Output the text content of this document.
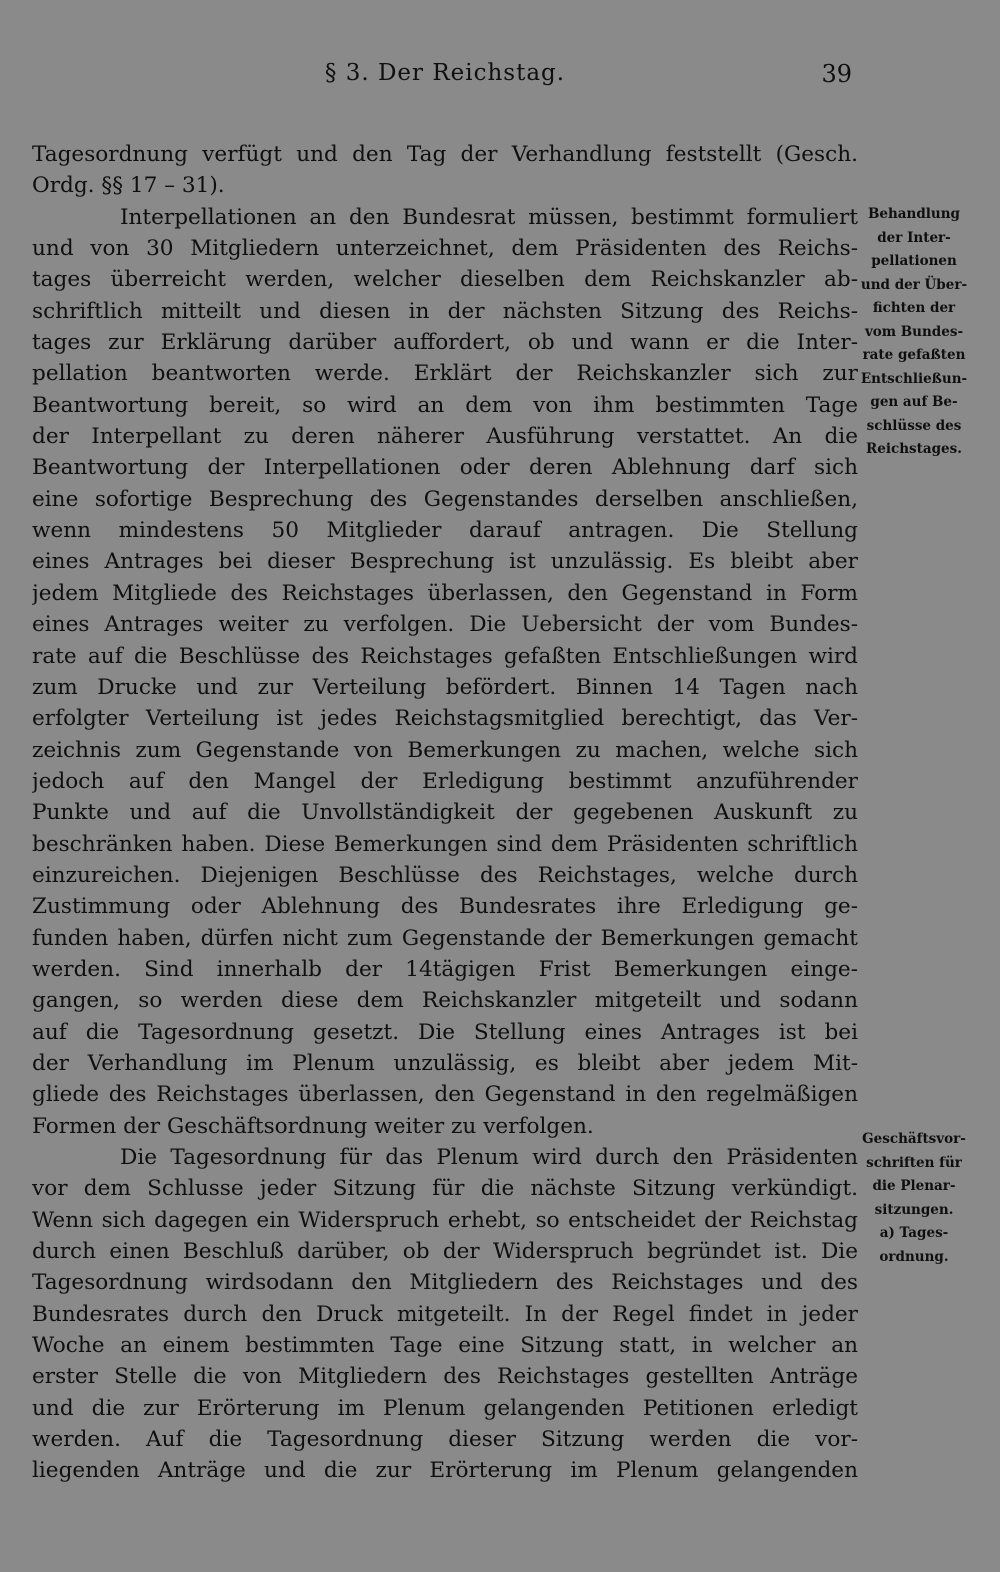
§ 3. Der Reichstag.	39
Tagesordnung verfügt und den Tag der Verhandlung feststellt (Gesch.
Ordg. §§ 17 – 31).
Interpellationen an den Bundesrat müssen, bestimmt formuliert
und von 30 Mitgliedern unterzeichnet, dem Präsidenten des Reichs-
tages überreicht werden, welcher dieselben dem Reichskanzler ab-
schriftlich mitteilt und diesen in der nächsten Sitzung des Reichs-
tages zur Erklärung darüber auffordert, ob und wann er die Inter-
pellation beantworten werde. Erklärt der Reichskanzler sich zur
Beantwortung bereit, so wird an dem von ihm bestimmten Tage
der Interpellant zu deren näherer Ausführung verstattet. An die
Beantwortung der Interpellationen oder deren Ablehnung darf sich
eine sofortige Besprechung des Gegenstandes derselben anschließen,
wenn mindestens 50 Mitglieder darauf antragen. Die Stellung
eines Antrages bei dieser Besprechung ist unzulässig. Es bleibt aber
jedem Mitgliede des Reichstages überlassen, den Gegenstand in Form
eines Antrages weiter zu verfolgen. Die Uebersicht der vom Bundes-
rate auf die Beschlüsse des Reichstages gefaßten Entschließungen wird
zum Drucke und zur Verteilung befördert. Binnen 14 Tagen nach
erfolgter Verteilung ist jedes Reichstagsmitglied berechtigt, das Ver-
zeichnis zum Gegenstande von Bemerkungen zu machen, welche sich
jedoch auf den Mangel der Erledigung bestimmt anzuführender
Punkte und auf die Unvollständigkeit der gegebenen Auskunft zu
beschränken haben. Diese Bemerkungen sind dem Präsidenten schriftlich
einzureichen. Diejenigen Beschlüsse des Reichstages, welche durch
Zustimmung oder Ablehnung des Bundesrates ihre Erledigung ge-
funden haben, dürfen nicht zum Gegenstande der Bemerkungen gemacht
werden. Sind innerhalb der 14tägigen Frist Bemerkungen einge-
gangen, so werden diese dem Reichskanzler mitgeteilt und sodann
auf die Tagesordnung gesetzt. Die Stellung eines Antrages ist bei
der Verhandlung im Plenum unzulässig, es bleibt aber jedem Mit-
gliede des Reichstages überlassen, den Gegenstand in den regelmäßigen
Formen der Geschäftsordnung weiter zu verfolgen.
Die Tagesordnung für das Plenum wird durch den Präsidenten
vor dem Schlusse jeder Sitzung für die nächste Sitzung verkündigt.
Wenn sich dagegen ein Widerspruch erhebt, so entscheidet der Reichstag
durch einen Beschluß darüber, ob der Widerspruch begründet ist. Die
Tagesordnung wirdsodann den Mitgliedern des Reichstages und des
Bundesrates durch den Druck mitgeteilt. In der Regel findet in jeder
Woche an einem bestimmten Tage eine Sitzung statt, in welcher an
erster Stelle die von Mitgliedern des Reichstages gestellten Anträge
und die zur Erörterung im Plenum gelangenden Petitionen erledigt
werden. Auf die Tagesordnung dieser Sitzung werden die vor-
liegenden Anträge und die zur Erörterung im Plenum gelangenden
Behandlung
der Inter-
pellationen
und der Über-
fichten der
vom Bundes-
rate gefaßten
Entschließun-
gen auf Be-
schlüsse des
Reichstages.
Geschäftsvor-
schriften für
die Plenar-
sitzungen.
a) Tages-
ordnung.
